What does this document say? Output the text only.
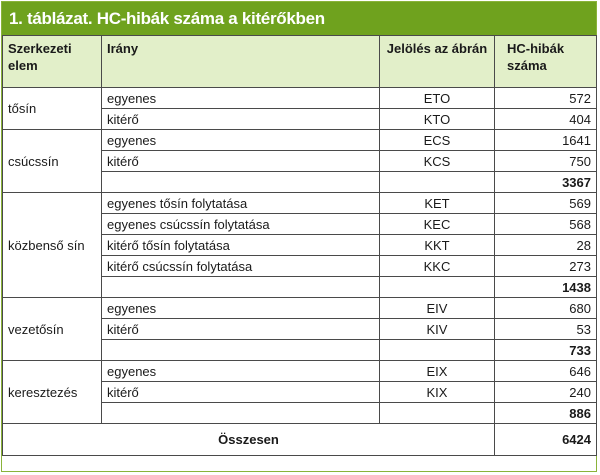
1. táblázat. HC-hibák száma a kitérőkben
Szerkezeti elem	Irány	Jelölés az ábrán	HC-hibák száma
tősín	egyenes	ETO	572
	kitérő	KTO	404
csúcssín	egyenes	ECS	1641
	kitérő	KCS	750
			3367
közbenső sín	egyenes tősín folytatása	KET	569
	egyenes csúcssín folytatása	KEC	568
	kitérő tősín folytatása	KKT	28
	kitérő csúcssín folytatása	KKC	273
			1438
vezetősín	egyenes	EIV	680
	kitérő	KIV	53
			733
keresztezés	egyenes	EIX	646
	kitérő	KIX	240
			886
Összesen			6424
